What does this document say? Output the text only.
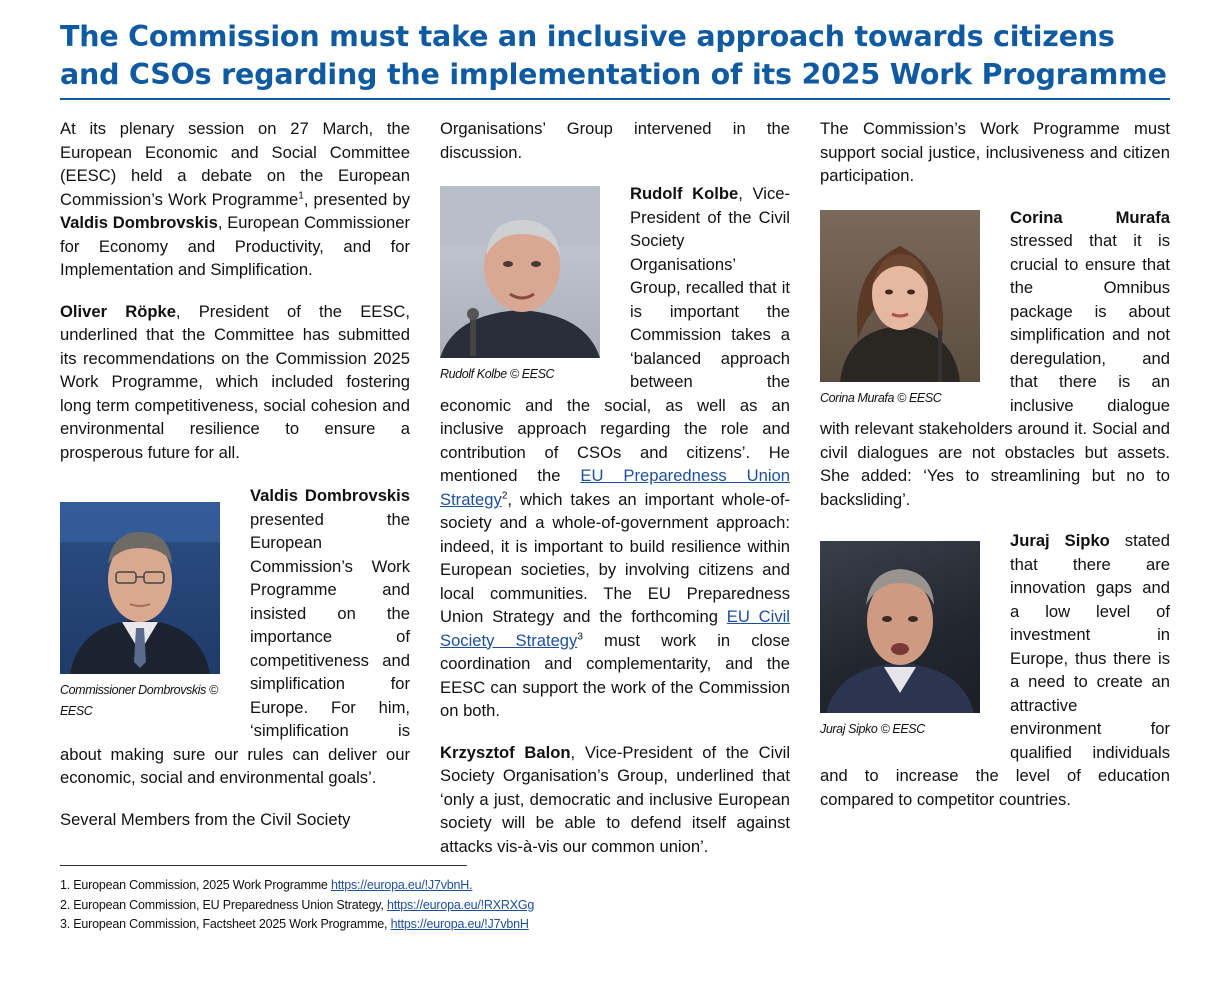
The Commission must take an inclusive approach towards citizens and CSOs regarding the implementation of its 2025 Work Programme

At its plenary session on 27 March, the European Economic and Social Committee (EESC) held a debate on the European Commission’s Work Programme$^1$, presented by Valdis Dombrovskis, European Commissioner for Economy and Productivity, and for Implementation and Simplification.

Oliver Röpke, President of the EESC, underlined that the Committee has submitted its recommendations on the Commission 2025 Work Programme, which included fostering long term competitiveness, social cohesion and environmental resilience to ensure a prosperous future for all.

Commissioner Dombrovskis © EESC

Valdis Dombrovskis presented the European Commission’s Work Programme and insisted on the importance of competitiveness and simplification for Europe. For him, ‘simplification is about making sure our rules can deliver our economic, social and environmental goals’.

Several Members from the Civil Society

Organisations’ Group intervened in the discussion.

Rudolf Kolbe © EESC

Rudolf Kolbe, Vice-President of the Civil Society Organisations’ Group, recalled that it is important the Commission takes a ‘balanced approach between the economic and the social, as well as an inclusive approach regarding the role and contribution of CSOs and citizens’. He mentioned the EU Preparedness Union Strategy$^2$, which takes an important whole-of-society and a whole-of-government approach: indeed, it is important to build resilience within European societies, by involving citizens and local communities. The EU Preparedness Union Strategy and the forthcoming EU Civil Society Strategy$^3$ must work in close coordination and complementarity, and the EESC can support the work of the Commission on both.

Krzysztof Balon, Vice-President of the Civil Society Organisation’s Group, underlined that ‘only a just, democratic and inclusive European society will be able to defend itself against attacks vis-à-vis our common union’.

The Commission’s Work Programme must support social justice, inclusiveness and citizen participation.

Corina Murafa © EESC

Corina Murafa stressed that it is crucial to ensure that the Omnibus package is about simplification and not deregulation, and that there is an inclusive dialogue with relevant stakeholders around it. Social and civil dialogues are not obstacles but assets. She added: ‘Yes to streamlining but no to backsliding’.

Juraj Sipko © EESC

Juraj Sipko stated that there are innovation gaps and a low level of investment in Europe, thus there is a need to create an attractive environment for qualified individuals and to increase the level of education compared to competitor countries.

1. European Commission, 2025 Work Programme https://europa.eu/!J7vbnH.
2. European Commission, EU Preparedness Union Strategy, https://europa.eu/!RXRXGg
3. European Commission, Factsheet 2025 Work Programme, https://europa.eu/!J7vbnH
